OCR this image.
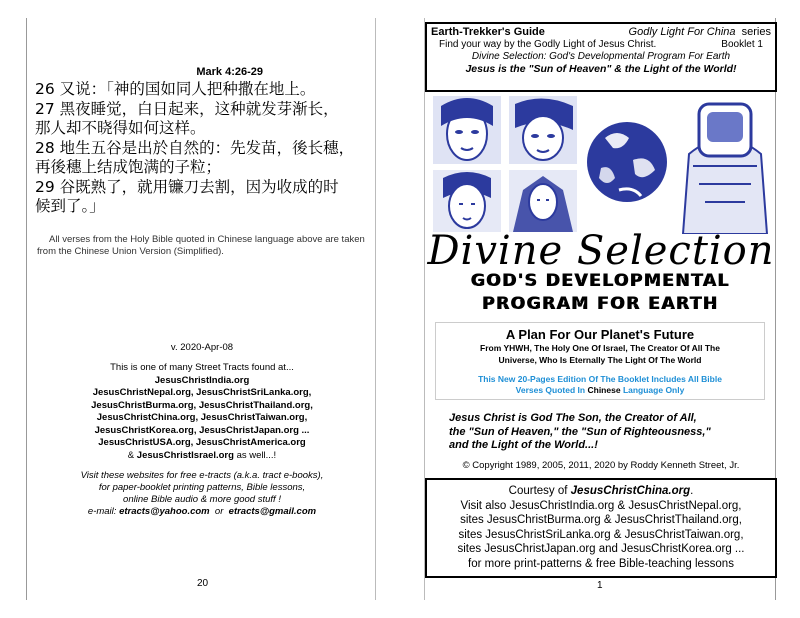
Mark 4:26-29
26 又说：「神的国如同人把种撒在地上。
27 黑夜睡觉，白日起来，这种就发芽渐长，
那人却不晓得如何这样。
28 地生五谷是出於自然的：先发苗，後长穗，
再後穗上结成饱满的子粒；
29 谷既熟了，就用镰刀去割，因为收成的时
候到了。」
All verses from the Holy Bible quoted in Chinese language above are taken from the Chinese Union Version (Simplified).
v. 2020-Apr-08
This is one of many Street Tracts found at...
JesusChristIndia.org
JesusChristNepal.org, JesusChristSriLanka.org,
JesusChristBurma.org, JesusChristThailand.org,
JesusChristChina.org, JesusChristTaiwan.org,
JesusChristKorea.org, JesusChristJapan.org ...
JesusChristUSA.org, JesusChristAmerica.org
& JesusChristIsrael.org as well...!
Visit these websites for free e-tracts (a.k.a. tract e-books),
for paper-booklet printing patterns, Bible lessons,
online Bible audio & more good stuff !
e-mail: etracts@yahoo.com or etracts@gmail.com
20
Earth-Trekker's Guide	Godly Light For China series
Find your way by the Godly Light of Jesus Christ.	Booklet 1
Divine Selection: God's Developmental Program For Earth
Jesus is the "Sun of Heaven" & the Light of the World!
Divine Selection
GOD'S DEVELOPMENTAL
PROGRAM FOR EARTH
A Plan For Our Planet's Future
From YHWH, The Holy One Of Israel, The Creator Of All The
Universe, Who Is Eternally The Light Of The World
This New 20-Pages Edition Of The Booklet Includes All Bible
Verses Quoted In Chinese Language Only
Jesus Christ is God The Son, the Creator of All,
the "Sun of Heaven," the "Sun of Righteousness,"
and the Light of the World...!
© Copyright 1989, 2005, 2011, 2020 by Roddy Kenneth Street, Jr.
Courtesy of JesusChristChina.org.
Visit also JesusChristIndia.org & JesusChristNepal.org,
sites JesusChristBurma.org & JesusChristThailand.org,
sites JesusChristSriLanka.org & JesusChristTaiwan.org,
sites JesusChristJapan.org and JesusChristKorea.org ...
for more print-patterns & free Bible-teaching lessons
1
